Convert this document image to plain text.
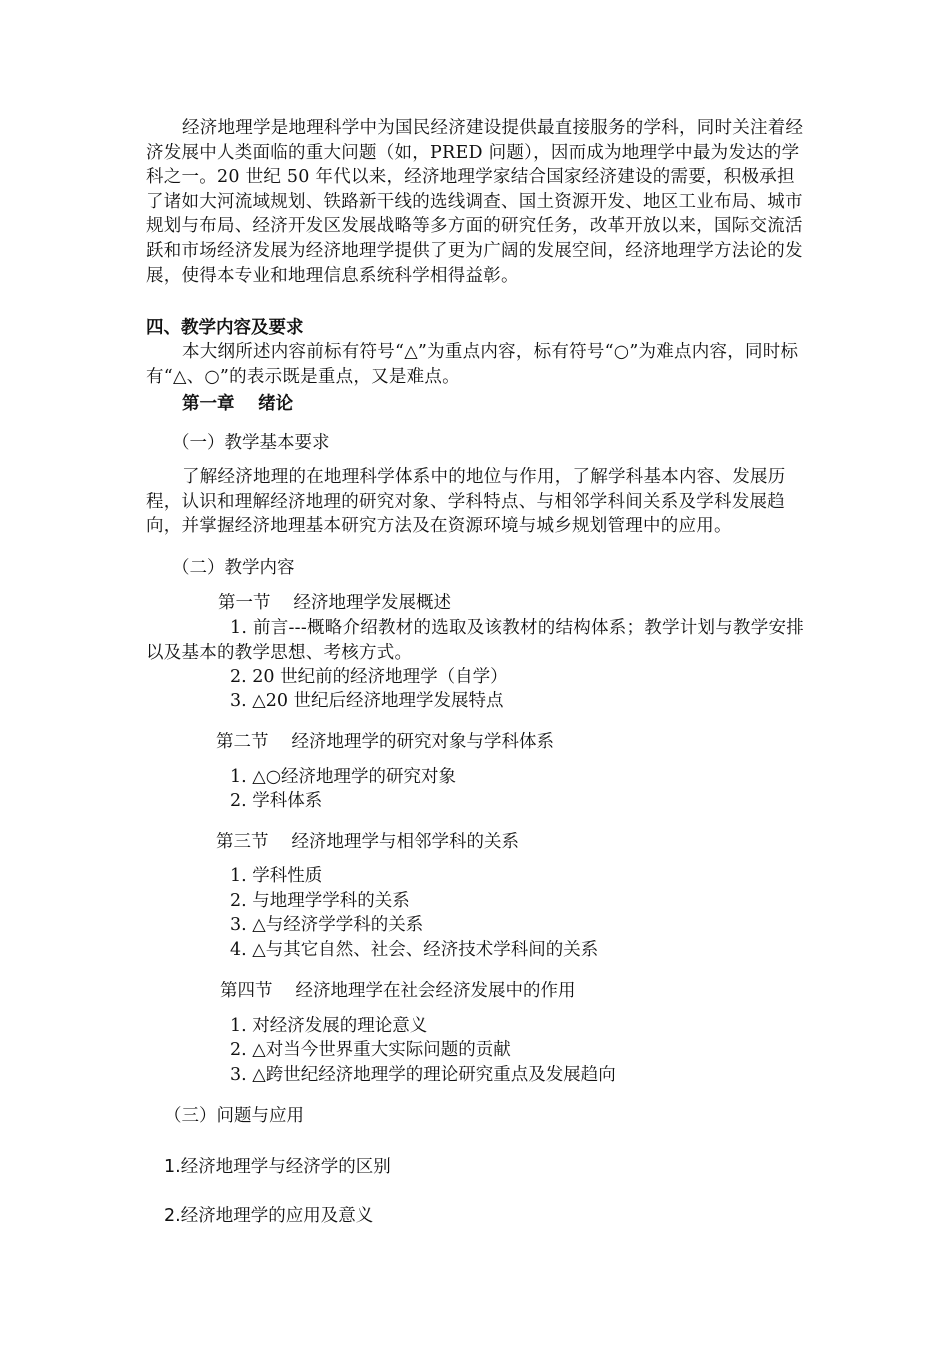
经济地理学是地理科学中为国民经济建设提供最直接服务的学科，同时关注着经济发展中人类面临的重大问题（如，PRED 问题），因而成为地理学中最为发达的学科之一。20 世纪 50 年代以来，经济地理学家结合国家经济建设的需要，积极承担了诸如大河流域规划、铁路新干线的选线调查、国土资源开发、地区工业布局、城市规划与布局、经济开发区发展战略等多方面的研究任务，改革开放以来，国际交流活跃和市场经济发展为经济地理学提供了更为广阔的发展空间，经济地理学方法论的发展，使得本专业和地理信息系统科学相得益彰。

四、教学内容及要求

本大纲所述内容前标有符号“△”为重点内容，标有符号“○”为难点内容，同时标有“△、○”的表示既是重点，又是难点。

第一章　 绪论
（一）教学基本要求

了解经济地理的在地理科学体系中的地位与作用，了解学科基本内容、发展历程，认识和理解经济地理的研究对象、学科特点、与相邻学科间关系及学科发展趋向，并掌握经济地理基本研究方法及在资源环境与城乡规划管理中的应用。

（二）教学内容
第一节　 经济地理学发展概述

1. 前言---概略介绍教材的选取及该教材的结构体系；教学计划与教学安排以及基本的教学思想、考核方式。

2. 20 世纪前的经济地理学（自学）
3. △20 世纪后经济地理学发展特点
第二节　 经济地理学的研究对象与学科体系
1. △○经济地理学的研究对象
2. 学科体系
第三节　 经济地理学与相邻学科的关系
1. 学科性质
2. 与地理学学科的关系
3. △与经济学学科的关系
4. △与其它自然、社会、经济技术学科间的关系
第四节　 经济地理学在社会经济发展中的作用
1. 对经济发展的理论意义
2. △对当今世界重大实际问题的贡献
3. △跨世纪经济地理学的理论研究重点及发展趋向
（三）问题与应用
1.经济地理学与经济学的区别
2.经济地理学的应用及意义
